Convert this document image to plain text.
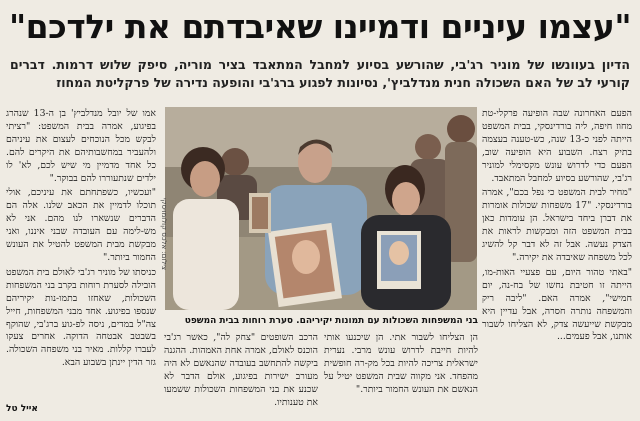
"עצמו עיניים ודמיינו שאיבדתם את ילדכם"
הדיון בעוונשו של מוניר רג'בי, שהורשע בסיוע למחבל המתאבד בציר מוריה, סיפק שלוש דרמות. דברים קורעי לב של האם השכולה חנית מנדלביץ', נסיונות לפגוע ברג'בי והופעה נדירה של פרקליטת המחוז

הפעם האחרונה שבה הופיעה פרקלי-טת מחוז חיפה, ליה בורדינסקי, בבית המשפט הייתה לפני כ-13 שנה, כש-טענה בעצמה בתיק רצח. השבוע היא הופיעה שוב, הפעם כדי לדרוש עונש מקסימלי למוניר רג'בי, שהורשע בסיוע למחבל המתאבד.

"מחיר לבית המשפט כי נפל בכם", אמרה בורדינסקי. "17 משפחות שכולות אומרות את דברן ביחד בישראל. הן עומדות כאן בבית המשפט הזה ומבקשות לראות את הצדק נעשה. אבל זה לא דבר קל להשיג לכל משפחה שאיבדה את יקירה."

"באתי טהור היום, עם פצעיי האות-מו, הייתה זו חטיבת נחשו של בח-נה, יום חמישי", אמרה האם. "ליבה ריק והמשפחה נותרה חסרה, אבל עדיין היא מבקשת שייעשה צדק, לא הצליחו לשבור אותנו, אבל פעמים...

אמו של יובל מנדלביץ' בן ה-13 שנהרג בפיגוע, אמרה בבית המשפט: "רציתי לבקש מכל הנוכחים לעצום את עיניהם ולהעביר במחשבותיהם את היקרים להם. כל אחד מדמיין מי שיש לכם, לא' לו ילדים שנתעוררו להם בבוקר."

"ועכשיו, כשפתחתם את עיניכם, אולי תוכלו לדמיין את הכאב שלנו. אלה הם הדברים שנשארו לנו מהם. אני לא מש-לימה עם העובדה שבני איננו, ואני מבקשת מבית המשפט להטיל את העונש החמור ביותר."

כניסתו של מוניר רג'בי לאולם בית המשפט הובילה לסערת רוחות בקרב בני המשפחות השכולות, שאחזו בתמו-נות יקיריהם שנספו בפיגוע. אחד מבני המשפחות, חייל צה"ל במדים, ניסה לפ-גוע ברג'בי, שהוקף בשבטב אבטחה הדוקה. אחרים צעקו לעברו קללות. מאיר בני משפחה השכולה. גזר הדין יינתן בשבוע הבא.

צילום: אלכס קולומויסקי
בני המשפחות השכולות עם תמונות יקיריהם. סערת רוחות בבית המשפט

הן הצליחו לשבור אתי. הן שיכנעו אותי להיות חייבת לדרוש עונש מרבי. נערית ישראלית צריכה להיות בכל מק-רה חופשית מהפחד. אני מקווה שבית המשפט יטיל על הנאשם את העונש החמור ביותר."

הרכב השופטים "צחק לה", כאשר רג'בי הוכנס לאולם, אמרה אחת האמהות. ההגנה ביקשה להתחשב בעובדה שהנאשם לא היה מעורב ישירות בפיגוע, אולם הדבר לא שכנע את בני המשפחות השכולות ששמעו את טענותיו.

אייל טל
